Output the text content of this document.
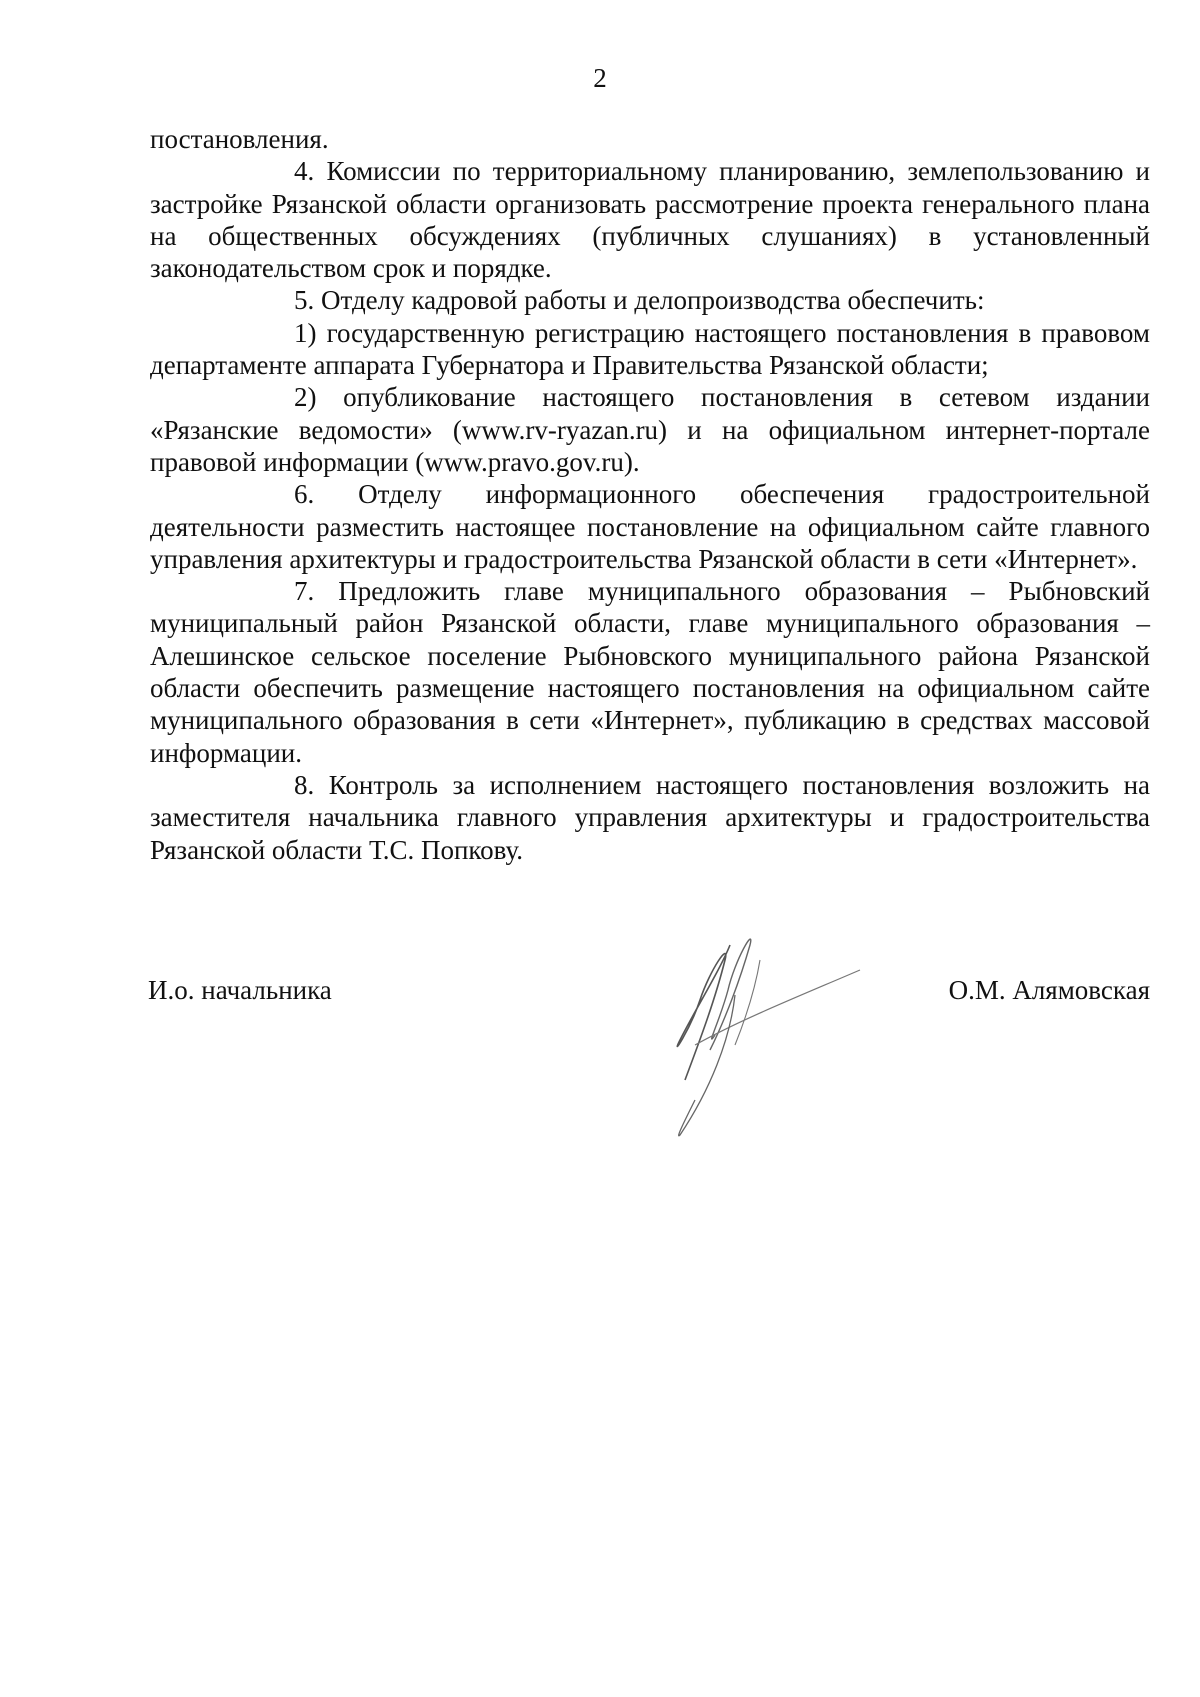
2

постановления.

4. Комиссии по территориальному планированию, землепользованию и застройке Рязанской области организовать рассмотрение проекта генерального плана на общественных обсуждениях (публичных слушаниях) в установленный законодательством срок и порядке.

5. Отделу кадровой работы и делопроизводства обеспечить:

1) государственную регистрацию настоящего постановления в правовом департаменте аппарата Губернатора и Правительства Рязанской области;

2) опубликование настоящего постановления в сетевом издании «Рязанские ведомости» (www.rv-ryazan.ru) и на официальном интернет-портале правовой информации (www.pravo.gov.ru).

6. Отделу информационного обеспечения градостроительной деятельности разместить настоящее постановление на официальном сайте главного управления архитектуры и градостроительства Рязанской области в сети «Интернет».

7. Предложить главе муниципального образования – Рыбновский муниципальный район Рязанской области, главе муниципального образования – Алешинское сельское поселение Рыбновского муниципального района Рязанской области обеспечить размещение настоящего постановления на официальном сайте муниципального образования в сети «Интернет», публикацию в средствах массовой информации.

8. Контроль за исполнением настоящего постановления возложить на заместителя начальника главного управления архитектуры и градостроительства Рязанской области Т.С. Попкову.

И.о. начальника	О.М. Алямовская
